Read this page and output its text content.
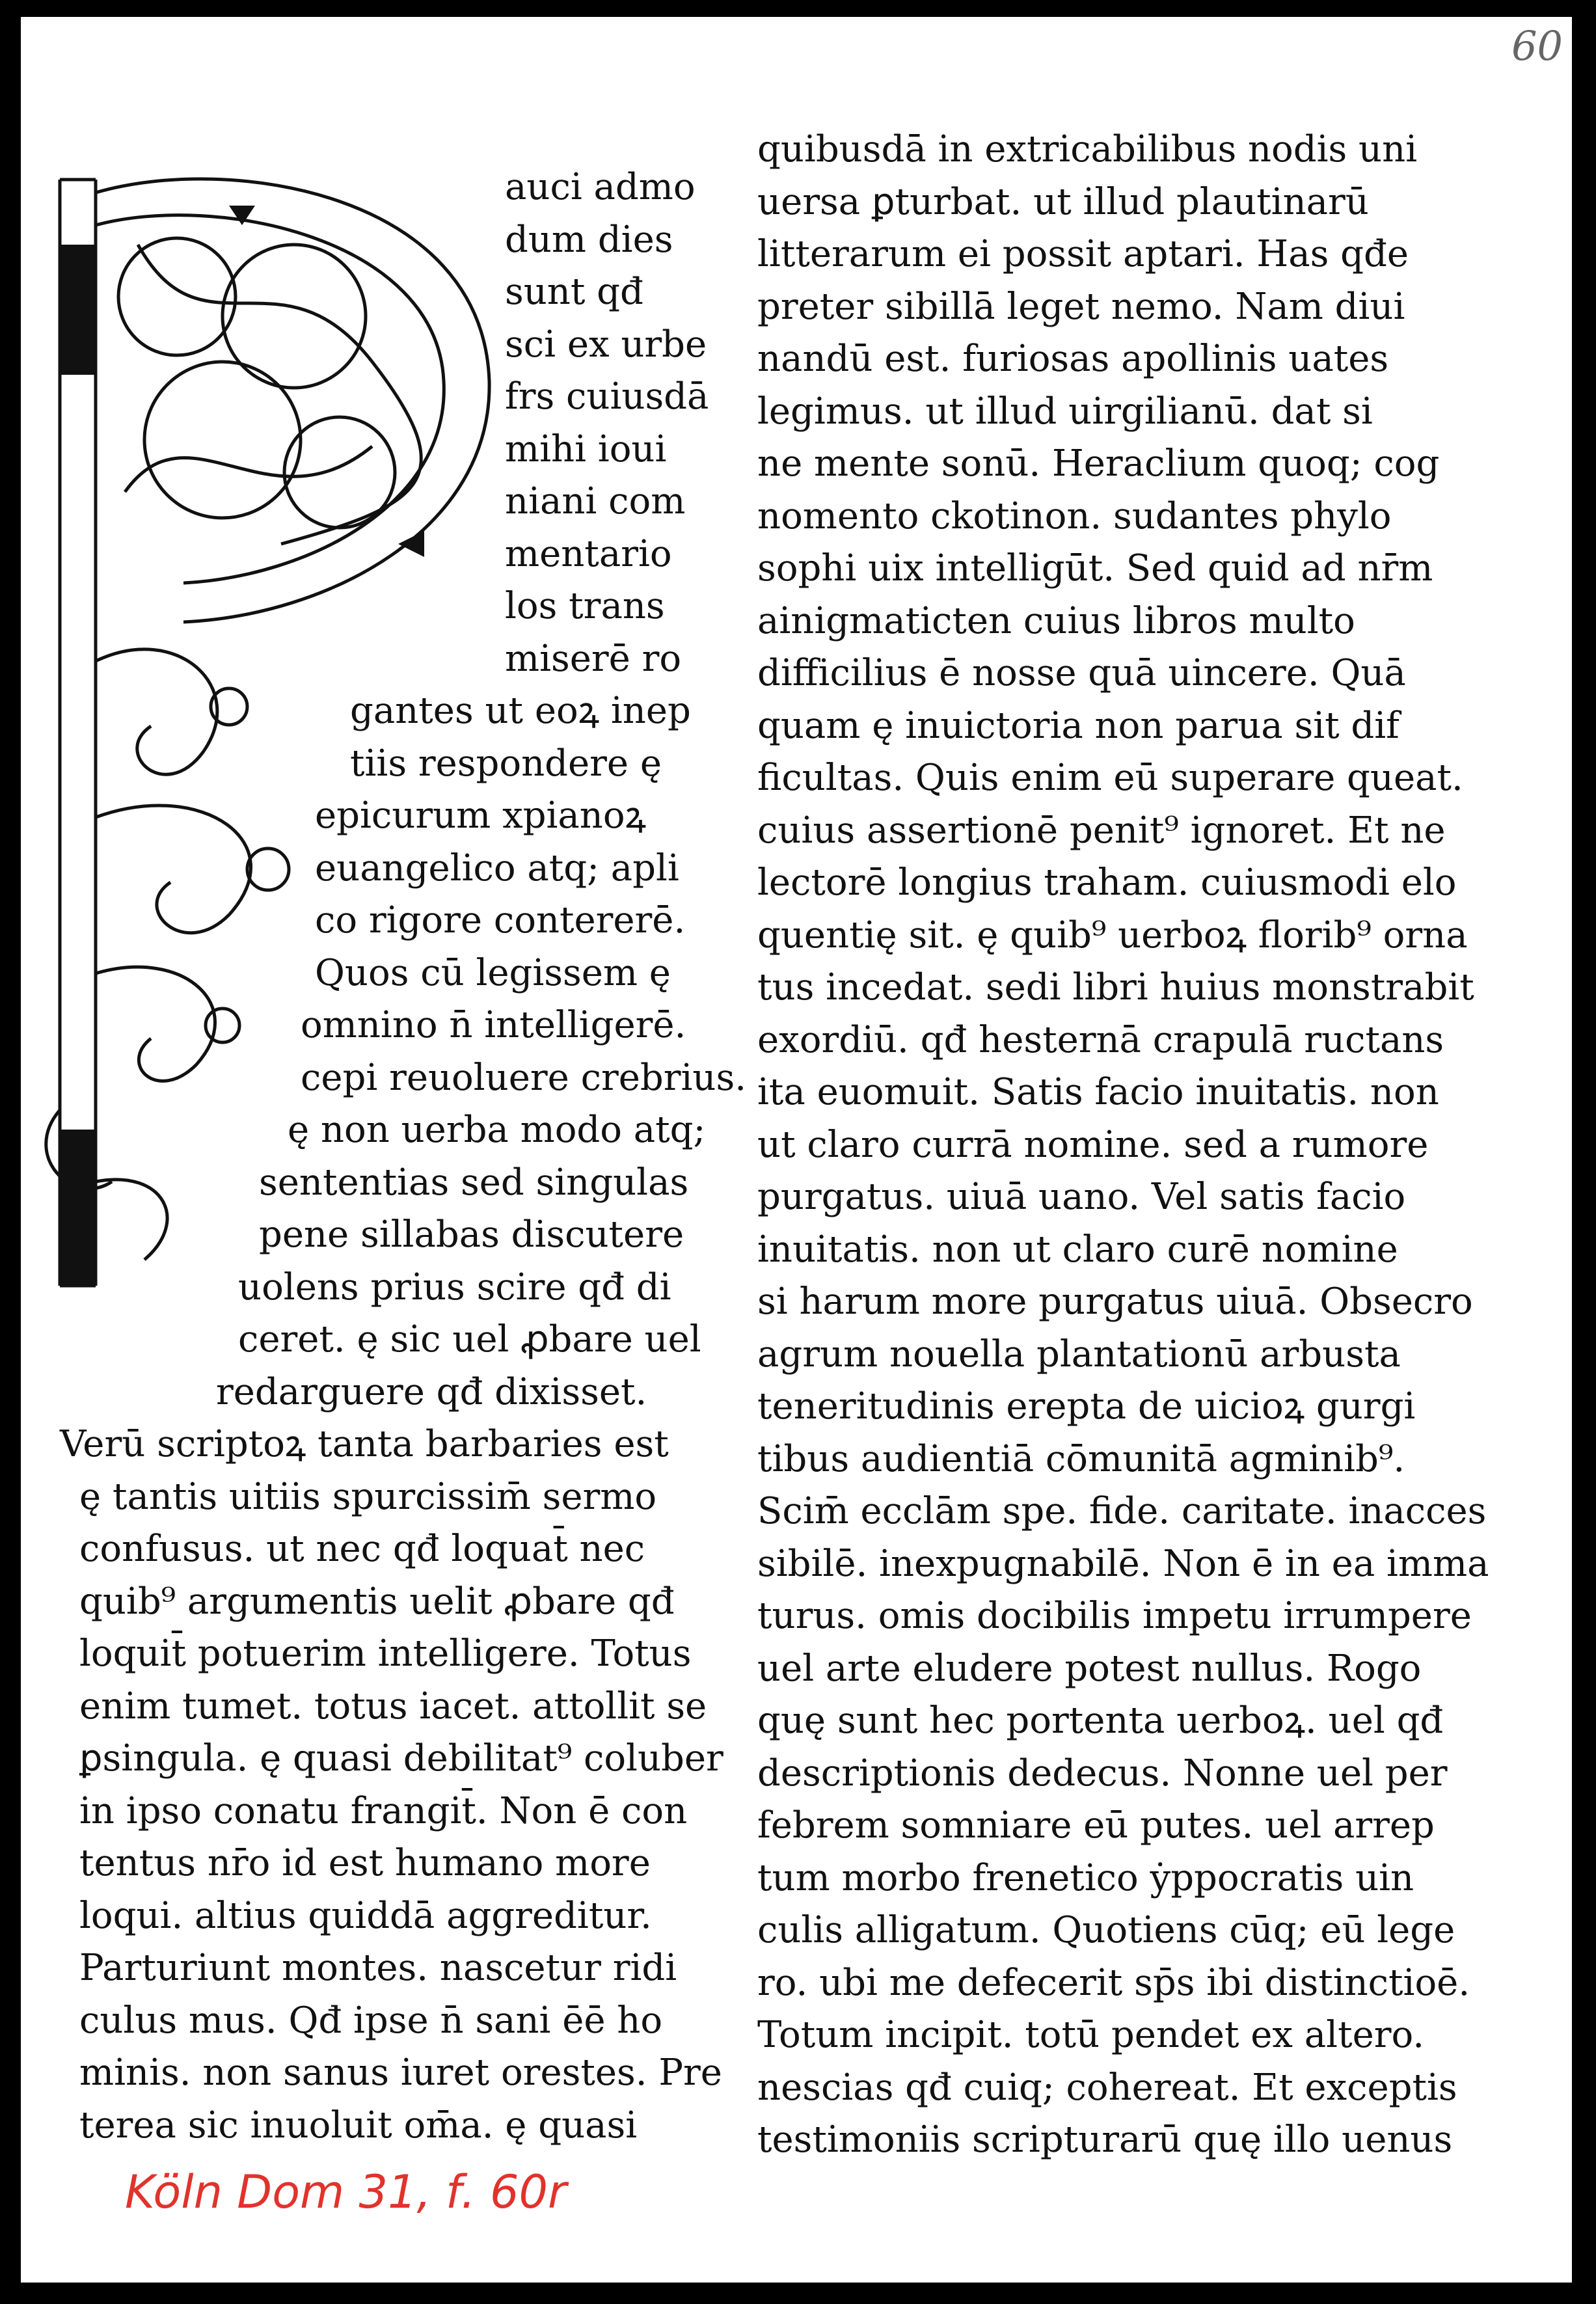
60

auci admo
dum dies
sunt qđ
sci ex urbe
frs cuiusdā
mihi ioui
niani com
mentario
los trans
miserē ro
gantes ut eoꝝ inep
tiis respondere ę
epicurum xpianoꝝ
euangelico atq; apli
co rigore contererē.
Quos cū legissem ę
omnino n̄ intelligerē.
cepi reuoluere crebrius.
ę non uerba modo atq;
sententias sed singulas
pene sillabas discutere
uolens prius scire qđ di
ceret. ę sic uel ꝓbare uel
redarguere qđ dixisset.
Verū scriptoꝝ tanta barbaries est
ę tantis uitiis spurcissim̄ sermo
confusus. ut nec qđ loquat̄ nec
quib⁹ argumentis uelit ꝓbare qđ
loquit̄ potuerim intelligere. Totus
enim tumet. totus iacet. attollit se
ꝑsingula. ę quasi debilitat⁹ coluber
in ipso conatu frangit̄. Non ē con
tentus nr̄o id est humano more
loqui. altius quiddā aggreditur.
Parturiunt montes. nascetur ridi
culus mus. Qđ ipse n̄ sani ēē ho
minis. non sanus iuret orestes. Pre
terea sic inuoluit om̄a. ę quasi
quibusdā in extricabilibus nodis uni
uersa ꝑturbat. ut illud plautinarū
litterarum ei possit aptari. Has qđe
preter sibillā leget nemo. Nam diui
nandū est. furiosas apollinis uates
legimus. ut illud uirgilianū. dat si
ne mente sonū. Heraclium quoq; cog
nomento ckotinon. sudantes phylo
sophi uix intelligūt. Sed quid ad nr̄m
ainigmaticten cuius libros multo
difficilius ē nosse quā uincere. Quā
quam ę inuictoria non parua sit dif
ficultas. Quis enim eū superare queat.
cuius assertionē penit⁹ ignoret. Et ne
lectorē longius traham. cuiusmodi elo
quentię sit. ę quib⁹ uerboꝝ florib⁹ orna
tus incedat. sedi libri huius monstrabit
exordiū. qđ hesternā crapulā ructans
ita euomuit. Satis facio inuitatis. non
ut claro currā nomine. sed a rumore
purgatus. uiuā uano. Vel satis facio
inuitatis. non ut claro curē nomine
si harum more purgatus uiuā. Obsecro
agrum nouella plantationū arbusta
teneritudinis erepta de uicioꝝ gurgi
tibus audientiā cōmunitā agminib⁹.
Scim̄ ecclām spe. fide. caritate. inacces
sibilē. inexpugnabilē. Non ē in ea imma
turus. omis docibilis impetu irrumpere
uel arte eludere potest nullus. Rogo
quę sunt hec portenta uerboꝝ. uel qđ
descriptionis dedecus. Nonne uel per
febrem somniare eū putes. uel arrep
tum morbo frenetico ẏppocratis uin
culis alligatum. Quotiens cūq; eū lege
ro. ubi me defecerit sp̄s ibi distinctioē.
Totum incipit. totū pendet ex altero.
nescias qđ cuiq; cohereat. Et exceptis
testimoniis scripturarū quę illo uenus

Köln Dom 31, f. 60r
